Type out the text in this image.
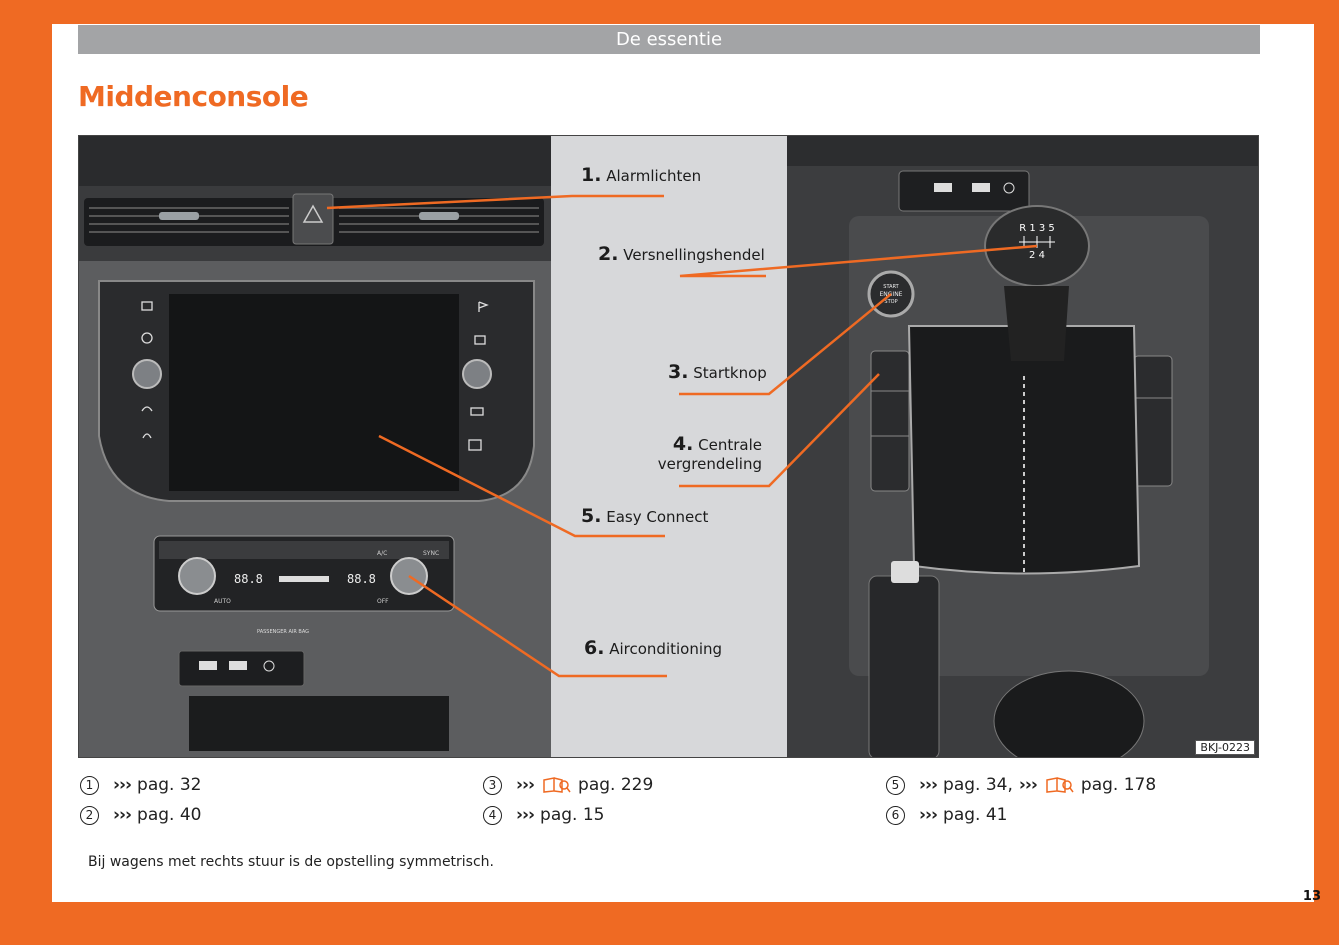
De essentie
Middenconsole
88.8	88.8
A/C	SYNC
AUTO	OFF
PASSENGER AIR BAG
START
ENGINE
STOP
R 1 3 5
2 4
1. Alarmlichten
2. Versnellingshendel
3. Startknop
4. Centrale
vergrendeling
5. Easy Connect
6. Airconditioning
BKJ-0223
1	››› pag. 32
2	››› pag. 40
3	›››	pag. 229
4	››› pag. 15
5	››› pag. 34, ›››	pag. 178
6	››› pag. 41
Bij wagens met rechts stuur is de opstelling symmetrisch.
13
